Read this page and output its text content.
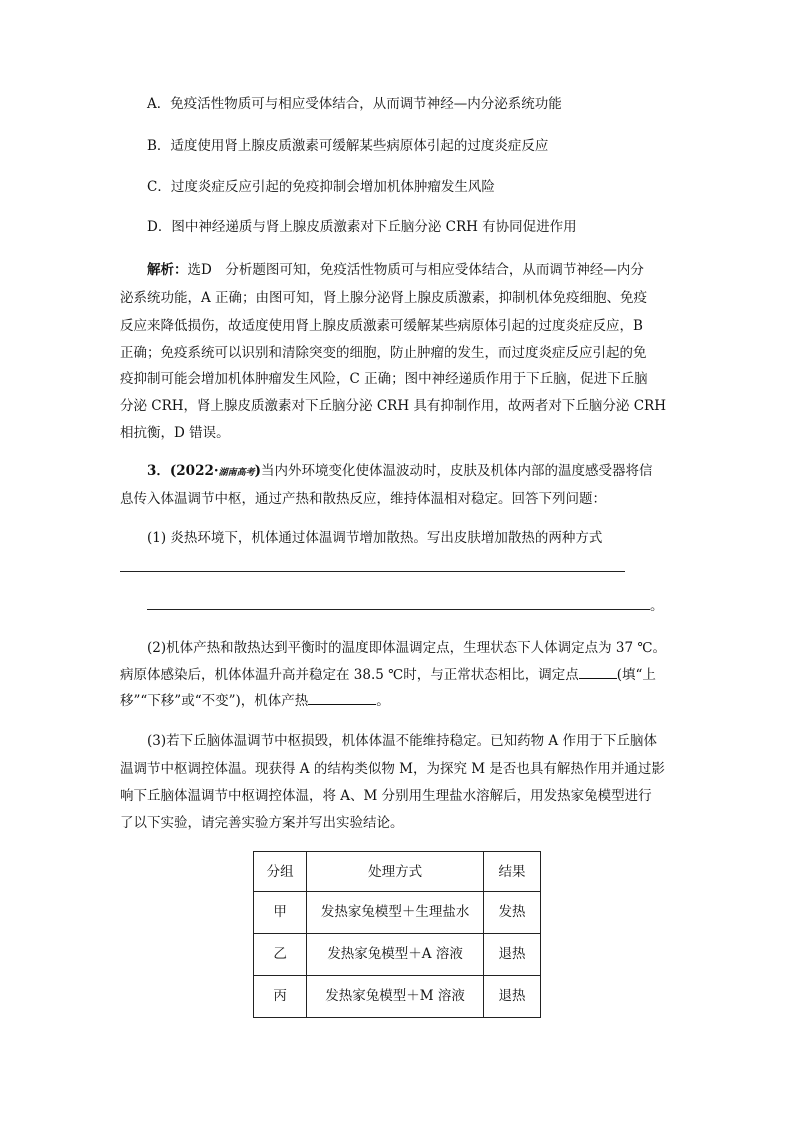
A．免疫活性物质可与相应受体结合，从而调节神经—内分泌系统功能
B．适度使用肾上腺皮质激素可缓解某些病原体引起的过度炎症反应
C．过度炎症反应引起的免疫抑制会增加机体肿瘤发生风险
D．图中神经递质与肾上腺皮质激素对下丘脑分泌 CRH 有协同促进作用
解析：选D　分析题图可知，免疫活性物质可与相应受体结合，从而调节神经—内分
泌系统功能，A 正确；由图可知，肾上腺分泌肾上腺皮质激素，抑制机体免疫细胞、免疫
反应来降低损伤，故适度使用肾上腺皮质激素可缓解某些病原体引起的过度炎症反应，B
正确；免疫系统可以识别和清除突变的细胞，防止肿瘤的发生，而过度炎症反应引起的免
疫抑制可能会增加机体肿瘤发生风险，C 正确；图中神经递质作用于下丘脑，促进下丘脑
分泌 CRH，肾上腺皮质激素对下丘脑分泌 CRH 具有抑制作用，故两者对下丘脑分泌 CRH
相抗衡，D 错误。
3．(2022·湖南高考)当内外环境变化使体温波动时，皮肤及机体内部的温度感受器将信
息传入体温调节中枢，通过产热和散热反应，维持体温相对稳定。回答下列问题：
(1) 炎热环境下，机体通过体温调节增加散热。写出皮肤增加散热的两种方式
。
(2)机体产热和散热达到平衡时的温度即体温调定点，生理状态下人体调定点为 37 ℃。
病原体感染后，机体体温升高并稳定在 38.5 ℃时，与正常状态相比，调定点	(填“上
移”“下移”或“不变”)，机体产热	。
(3)若下丘脑体温调节中枢损毁，机体体温不能维持稳定。已知药物 A 作用于下丘脑体
温调节中枢调控体温。现获得 A 的结构类似物 M，为探究 M 是否也具有解热作用并通过影
响下丘脑体温调节中枢调控体温，将 A、M 分别用生理盐水溶解后，用发热家兔模型进行
了以下实验，请完善实验方案并写出实验结论。
分组	处理方式	结果
甲	发热家兔模型＋生理盐水	发热
乙	发热家兔模型＋A 溶液	退热
丙	发热家兔模型＋M 溶液	退热
